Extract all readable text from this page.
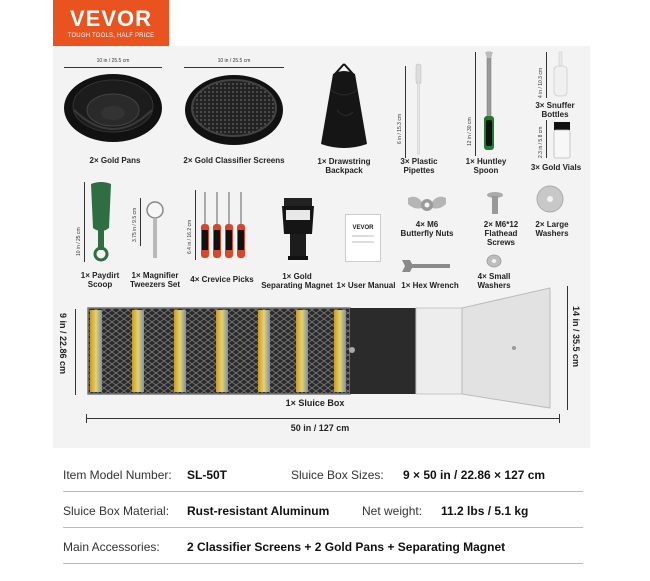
VEVOR
TOUGH TOOLS, HALF PRICE
10 in / 25.5 cm
2× Gold Pans
10 in / 25.5 cm
2× Gold Classifier Screens	1× Drawstring
Backpack
6 in / 15.3 cm
3× Plastic
Pipettes
12 in / 30 cm
1× Huntley
Spoon
4 in / 10.3 cm
3× Snuffer
Bottles
2.3 in / 5.8 cm
3× Gold Vials
10 in / 25 cm
1× Paydirt
Scoop
3.75 in / 9.5 cm
1× Magnifier
Tweezers Set
6.4 in / 16.2 cm
4× Crevice Picks	1× Gold
Separating Magnet
VEVOR
1× User Manual
4× M6
Butterfly Nuts
1× Hex Wrench
2× M6*12
Flathead Screws
2× Large
Washers
4× Small
Washers
9 in / 22.86 cm	14 in / 35.5 cm
1× Sluice Box
50 in / 127 cm
Item Model Number: SL-50T	Sluice Box Sizes: 9 × 50 in / 22.86 × 127 cm
Sluice Box Material: Rust-resistant Aluminum	Net weight: 11.2 lbs / 5.1 kg
Main Accessories: 2 Classifier Screens + 2 Gold Pans + Separating Magnet
